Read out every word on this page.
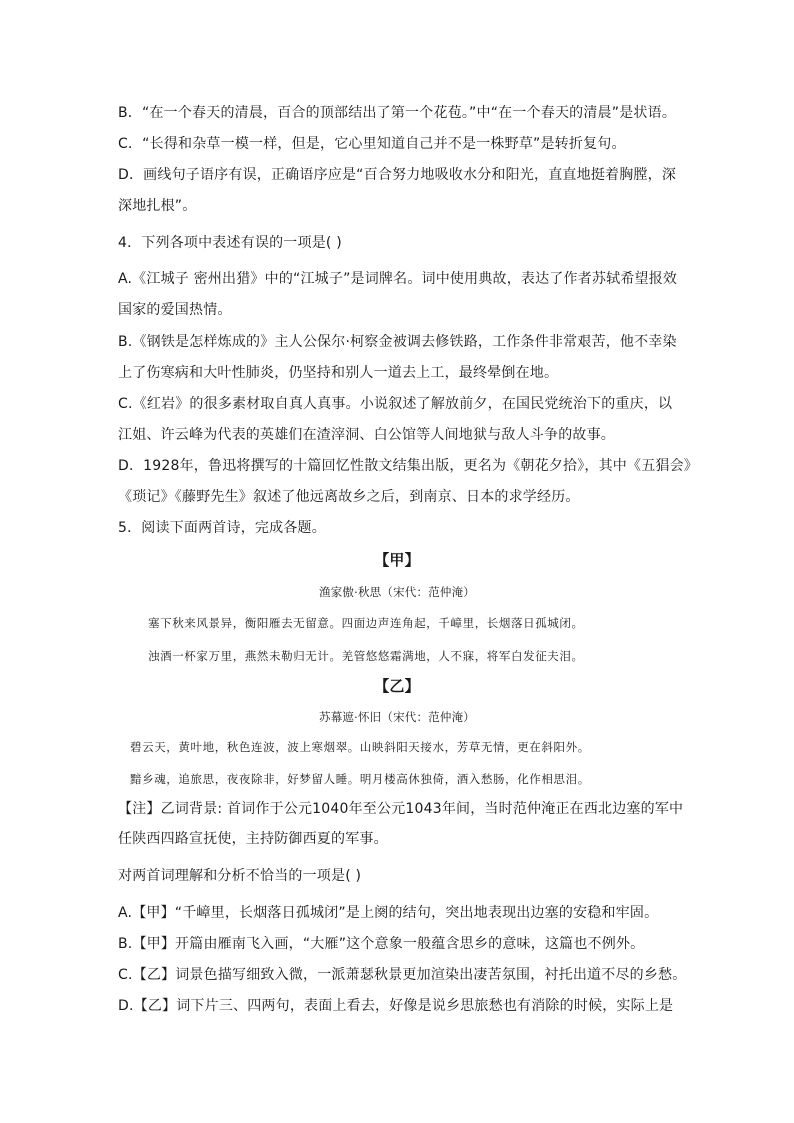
B．“在一个春天的清晨，百合的顶部结出了第一个花苞。”中“在一个春天的清晨”是状语。
C．“长得和杂草一模一样，但是，它心里知道自己并不是一株野草”是转折复句。
D．画线句子语序有误，正确语序应是“百合努力地吸收水分和阳光，直直地挺着胸膛，深
深地扎根”。
4．下列各项中表述有误的一项是( )
A.《江城子 密州出猎》中的“江城子”是词牌名。词中使用典故，表达了作者苏轼希望报效
国家的爱国热情。
B.《钢铁是怎样炼成的》主人公保尔·柯察金被调去修铁路，工作条件非常艰苦，他不幸染
上了伤寒病和大叶性肺炎，仍坚持和别人一道去上工，最终晕倒在地。
C.《红岩》的很多素材取自真人真事。小说叙述了解放前夕，在国民党统治下的重庆，以
江姐、许云峰为代表的英雄们在渣滓洞、白公馆等人间地狱与敌人斗争的故事。
D．1928年，鲁迅将撰写的十篇回忆性散文结集出版，更名为《朝花夕拾》，其中《五猖会》
《琐记》《藤野先生》叙述了他远离故乡之后，到南京、日本的求学经历。
5．阅读下面两首诗，完成各题。
【甲】
渔家傲·秋思（宋代：范仲淹）
塞下秋来风景异，衡阳雁去无留意。四面边声连角起，千嶂里，长烟落日孤城闭。
浊酒一杯家万里，燕然未勒归无计。羌管悠悠霜满地，人不寐，将军白发征夫泪。
【乙】
苏幕遮·怀旧（宋代：范仲淹）
碧云天，黄叶地，秋色连波，波上寒烟翠。山映斜阳天接水，芳草无情，更在斜阳外。
黯乡魂，追旅思，夜夜除非，好梦留人睡。明月楼高休独倚，酒入愁肠，化作相思泪。
【注】乙词背景: 首词作于公元1040年至公元1043年间，当时范仲淹正在西北边塞的军中
任陕西四路宣抚使，主持防御西夏的军事。
对两首词理解和分析不恰当的一项是( )
A.【甲】“千嶂里，长烟落日孤城闭”是上阕的结句，突出地表现出边塞的安稳和牢固。
B.【甲】开篇由雁南飞入画，“大雁”这个意象一般蕴含思乡的意味，这篇也不例外。
C.【乙】词景色描写细致入微，一派萧瑟秋景更加渲染出凄苦氛围，衬托出道不尽的乡愁。
D.【乙】词下片三、四两句，表面上看去，好像是说乡思旅愁也有消除的时候，实际上是
